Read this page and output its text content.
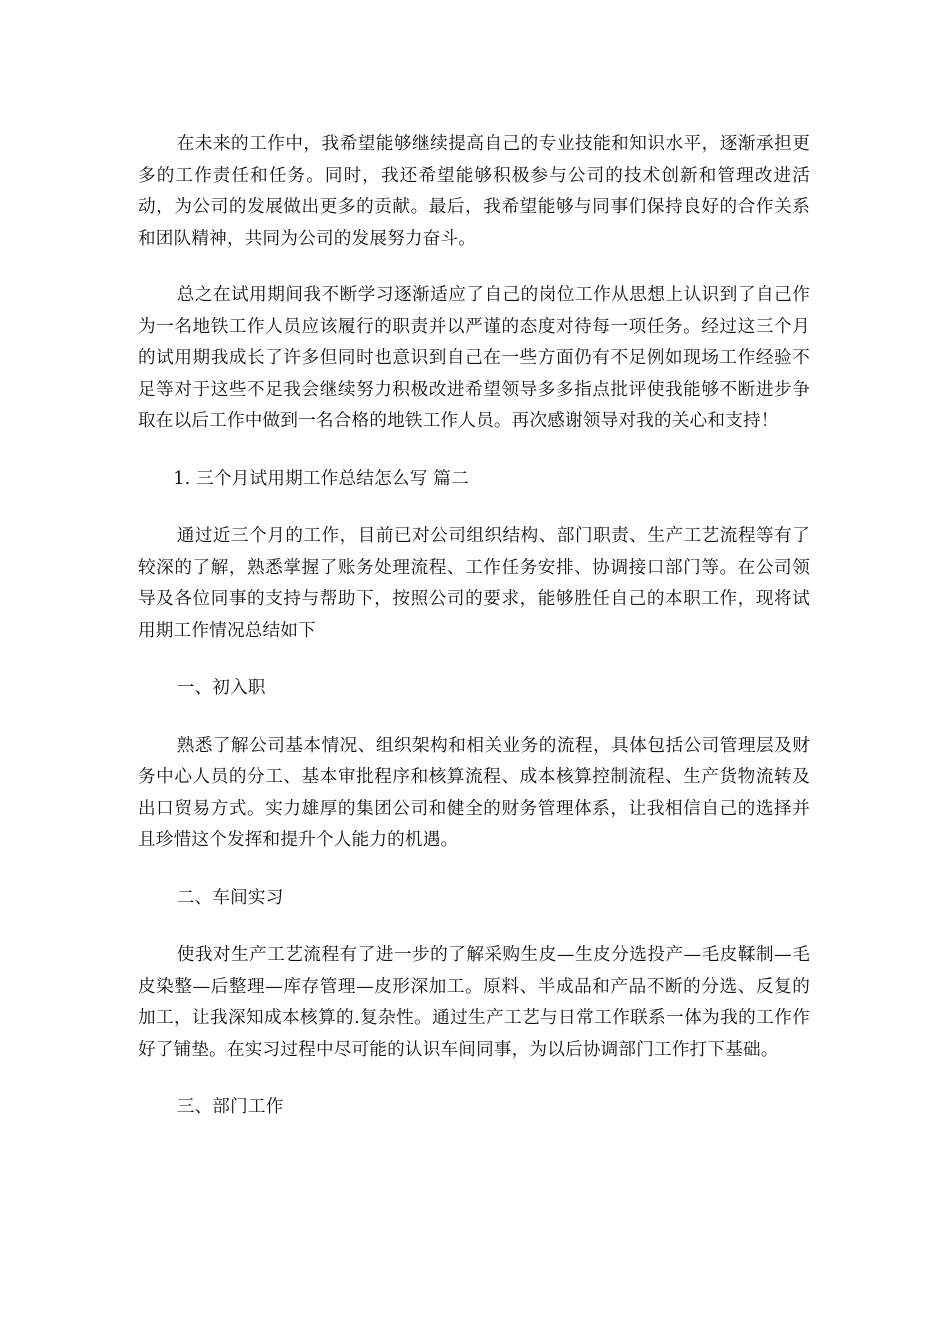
在未来的工作中，我希望能够继续提高自己的专业技能和知识水平，逐渐承担更多的工作责任和任务。同时，我还希望能够积极参与公司的技术创新和管理改进活动，为公司的发展做出更多的贡献。最后，我希望能够与同事们保持良好的合作关系和团队精神，共同为公司的发展努力奋斗。

总之在试用期间我不断学习逐渐适应了自己的岗位工作从思想上认识到了自己作为一名地铁工作人员应该履行的职责并以严谨的态度对待每一项任务。经过这三个月的试用期我成长了许多但同时也意识到自己在一些方面仍有不足例如现场工作经验不足等对于这些不足我会继续努力积极改进希望领导多多指点批评使我能够不断进步争取在以后工作中做到一名合格的地铁工作人员。再次感谢领导对我的关心和支持！

1. 三个月试用期工作总结怎么写 篇二

通过近三个月的工作，目前已对公司组织结构、部门职责、生产工艺流程等有了较深的了解，熟悉掌握了账务处理流程、工作任务安排、协调接口部门等。在公司领导及各位同事的支持与帮助下，按照公司的要求，能够胜任自己的本职工作，现将试用期工作情况总结如下

一、初入职

熟悉了解公司基本情况、组织架构和相关业务的流程，具体包括公司管理层及财务中心人员的分工、基本审批程序和核算流程、成本核算控制流程、生产货物流转及出口贸易方式。实力雄厚的集团公司和健全的财务管理体系，让我相信自己的选择并且珍惜这个发挥和提升个人能力的机遇。

二、车间实习

使我对生产工艺流程有了进一步的了解采购生皮—生皮分选投产—毛皮鞣制—毛皮染整—后整理—库存管理—皮形深加工。原料、半成品和产品不断的分选、反复的加工，让我深知成本核算的.复杂性。通过生产工艺与日常工作联系一体为我的工作作好了铺垫。在实习过程中尽可能的认识车间同事，为以后协调部门工作打下基础。

三、部门工作
